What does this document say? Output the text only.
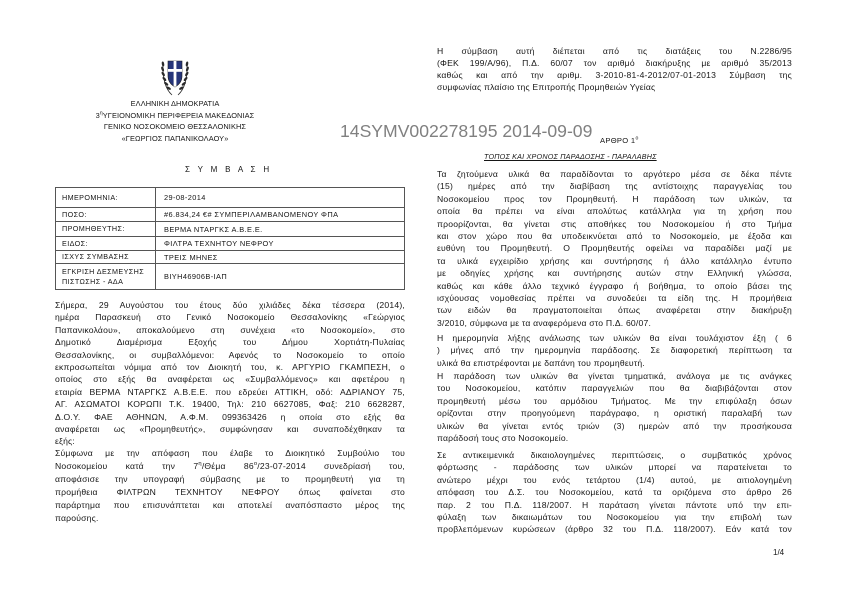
ΕΛΛΗΝΙΚΗ ΔΗΜΟΚΡΑΤΙΑ
$3^\eta\Upsilon\Gamma EIONOMIKH$ ΠΕΡΙΦΕΡΕΙΑ ΜΑΚΕΔΟΝΙΑΣ
ΓΕΝΙΚΟ ΝΟΣΟΚΟΜΕΙΟ ΘΕΣΣΑΛΟΝΙΚΗΣ
«ΓΕΩΡΓΙΟΣ ΠΑΠΑΝΙΚΟΛΑΟΥ»
Σ Υ Μ Β Α Σ Η
14SYMV002278195 2014-09-09
ΗΜΕΡΟΜΗΝΙΑ:	29-08-2014
ΠΟΣΟ:	#6.834,24 €# ΣΥΜΠΕΡΙΛΑΜΒΑΝΟΜΕΝΟΥ ΦΠΑ
ΠΡΟΜΗΘΕΥΤΗΣ:	ΒΕΡΜΑ ΝΤΑΡΓΚΣ Α.Β.Ε.Ε.
ΕΙΔΟΣ:	ΦΙΛΤΡΑ ΤΕΧΝΗΤΟΥ ΝΕΦΡΟΥ
ΙΣΧΥΣ ΣΥΜΒΑΣΗΣ	ΤΡΕΙΣ ΜΗΝΕΣ
ΕΓΚΡΙΣΗ ΔΕΣΜΕΥΣΗΣ
ΠΙΣΤΩΣΗΣ - ΑΔΑ	ΒΙΥΗ46906Β-ΙΑΠ
Σήμερα, 29 Αυγούστου του έτους δύο χιλιάδες δέκα τέσσερα (2014),
ημέρα Παρασκευή στο Γενικό Νοσοκομείο Θεσσαλονίκης «Γεώργιος
Παπανικολάου», αποκαλούμενο στη συνέχεια «το Νοσοκομείο», στο
Δημοτικό Διαμέρισμα Εξοχής του Δήμου Χορτιάτη-Πυλαίας
Θεσσαλονίκης, οι συμβαλλόμενοι: Αφενός το Νοσοκομείο το οποίο
εκπροσωπείται νόμιμα από τον Διοικητή του, κ. ΑΡΓΥΡΙΟ ΓΚΑΜΠΕΣΗ, ο
οποίος στο εξής θα αναφέρεται ως «Συμβαλλόμενος» και αφετέρου η
εταιρία ΒΕΡΜΑ ΝΤΑΡΓΚΣ Α.Β.Ε.Ε. που εδρεύει ΑΤΤΙΚΗ, οδό: ΑΔΡΙΑΝΟΥ 75,
ΑΓ. ΑΣΩΜΑΤΟΙ ΚΟΡΩΠΙ Τ.Κ. 19400, Τηλ: 210 6627085, Φαξ: 210 6628287,
Δ.Ο.Υ. ΦΑΕ ΑΘΗΝΩΝ, Α.Φ.Μ. 099363426 η οποία στο εξής θα
αναφέρεται ως «Προμηθευτής», συμφώνησαν και συναποδέχθηκαν τα
εξής:
Σύμφωνα με την απόφαση που έλαβε το Διοικητικό Συμβούλιο του
Νοσοκομείου κατά την $7^\eta$/Θέμα $86^o/23-07-2014$ συνεδρίασή του,
αποφάσισε την υπογραφή σύμβασης με το προμηθευτή για τη
προμήθεια ΦΙΛΤΡΩΝ ΤΕΧΝΗΤΟΥ ΝΕΦΡΟΥ όπως φαίνεται στο
παράρτημα που επισυνάπτεται και αποτελεί αναπόσπαστο μέρος της
παρούσης.
Η σύμβαση αυτή διέπεται από τις διατάξεις του Ν.2286/95
(ΦΕΚ 199/Α/96), Π.Δ. 60/07 τον αριθμό διακήρυξης με αριθμό 35/2013
καθώς και από την αριθμ. 3-2010-81-4-2012/07-01-2013 Σύμβαση της
συμφωνίας πλαίσιο της Επιτροπής Προμηθειών Υγείας
ΑΡΘΡΟ $1^o$
ΤΟΠΟΣ ΚΑΙ ΧΡΟΝΟΣ ΠΑΡΑΔΟΣΗΣ - ΠΑΡΑΛΑΒΗΣ
Τα ζητούμενα υλικά θα παραδίδονται το αργότερο μέσα σε δέκα πέντε
(15) ημέρες από την διαβίβαση της αντίστοιχης παραγγελίας του
Νοσοκομείου προς τον Προμηθευτή. Η παράδοση των υλικών, τα
οποία θα πρέπει να είναι απολύτως κατάλληλα για τη χρήση που
προορίζονται, θα γίνεται στις αποθήκες του Νοσοκομείου ή στο Τμήμα
και στον χώρο που θα υποδεικνύεται από το Νοσοκομείο, με έξοδα και
ευθύνη του Προμηθευτή. Ο Προμηθευτής οφείλει να παραδίδει μαζί με
τα υλικά εγχειρίδιο χρήσης και συντήρησης ή άλλο κατάλληλο έντυπο
με οδηγίες χρήσης και συντήρησης αυτών στην Ελληνική γλώσσα,
καθώς και κάθε άλλο τεχνικό έγγραφο ή βοήθημα, το οποίο βάσει της
ισχύουσας νομοθεσίας πρέπει να συνοδεύει τα είδη της. Η προμήθεια
των ειδών θα πραγματοποιείται όπως αναφέρεται στην διακήρυξη
3/2010, σύμφωνα με τα αναφερόμενα στο Π.Δ. 60/07.
Η ημερομηνία λήξης ανάλωσης των υλικών θα είναι τουλάχιστον έξη ( 6
) μήνες από την ημερομηνία παράδοσης. Σε διαφορετική περίπτωση τα
υλικά θα επιστρέφονται με δαπάνη του προμηθευτή.
Η παράδοση των υλικών θα γίνεται τμηματικά, ανάλογα με τις ανάγκες
του Νοσοκομείου, κατόπιν παραγγελιών που θα διαβιβάζονται στον
προμηθευτή μέσω του αρμόδιου Τμήματος. Με την επιφύλαξη όσων
ορίζονται στην προηγούμενη παράγραφο, η οριστική παραλαβή των
υλικών θα γίνεται εντός τριών (3) ημερών από την προσήκουσα
παράδοσή τους στο Νοσοκομείο.
Σε αντικειμενικά δικαιολογημένες περιπτώσεις, ο συμβατικός χρόνος
φόρτωσης - παράδοσης των υλικών μπορεί να παρατείνεται το
ανώτερο μέχρι του ενός τετάρτου (1/4) αυτού, με αιτιολογημένη
απόφαση του Δ.Σ. του Νοσοκομείου, κατά τα οριζόμενα στο άρθρο 26
παρ. 2 του Π.Δ. 118/2007. Η παράταση γίνεται πάντοτε υπό την επι-
φύλαξη των δικαιωμάτων του Νοσοκομείου για την επιβολή των
προβλεπόμενων κυρώσεων (άρθρο 32 του Π.Δ. 118/2007). Εάν κατά τον
1/4
